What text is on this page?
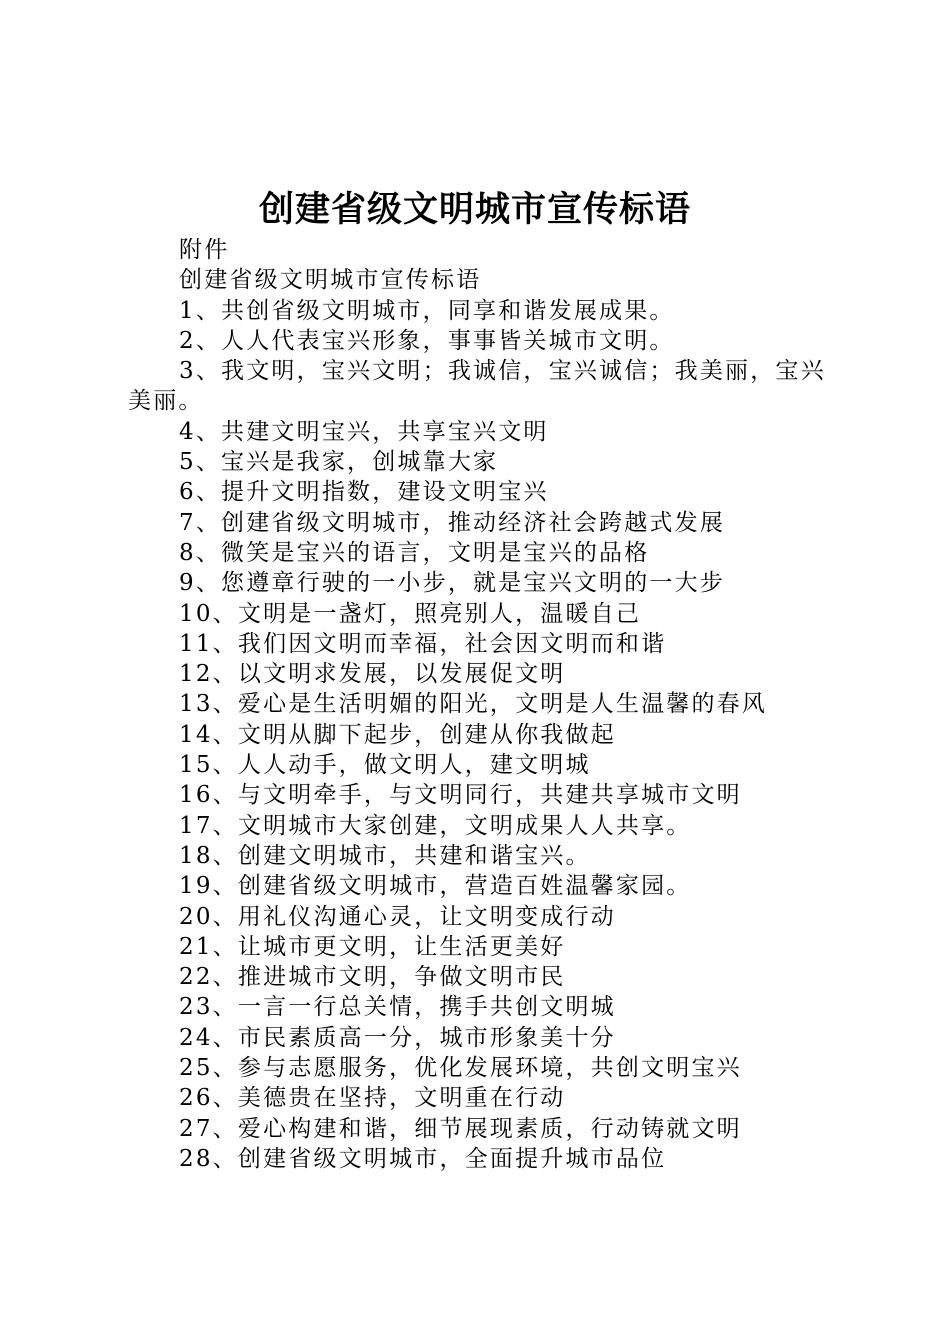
创建省级文明城市宣传标语

附件

创建省级文明城市宣传标语

1、共创省级文明城市，同享和谐发展成果。

2、人人代表宝兴形象，事事皆关城市文明。

3、我文明，宝兴文明；我诚信，宝兴诚信；我美丽，宝兴美丽。

4、共建文明宝兴，共享宝兴文明

5、宝兴是我家，创城靠大家

6、提升文明指数，建设文明宝兴

7、创建省级文明城市，推动经济社会跨越式发展

8、微笑是宝兴的语言，文明是宝兴的品格

9、您遵章行驶的一小步，就是宝兴文明的一大步

10、文明是一盏灯，照亮别人，温暖自己

11、我们因文明而幸福，社会因文明而和谐

12、以文明求发展，以发展促文明

13、爱心是生活明媚的阳光，文明是人生温馨的春风

14、文明从脚下起步，创建从你我做起

15、人人动手，做文明人，建文明城

16、与文明牵手，与文明同行，共建共享城市文明

17、文明城市大家创建，文明成果人人共享。

18、创建文明城市，共建和谐宝兴。

19、创建省级文明城市，营造百姓温馨家园。

20、用礼仪沟通心灵，让文明变成行动

21、让城市更文明，让生活更美好

22、推进城市文明，争做文明市民

23、一言一行总关情，携手共创文明城

24、市民素质高一分，城市形象美十分

25、参与志愿服务，优化发展环境，共创文明宝兴

26、美德贵在坚持，文明重在行动

27、爱心构建和谐，细节展现素质，行动铸就文明

28、创建省级文明城市，全面提升城市品位
